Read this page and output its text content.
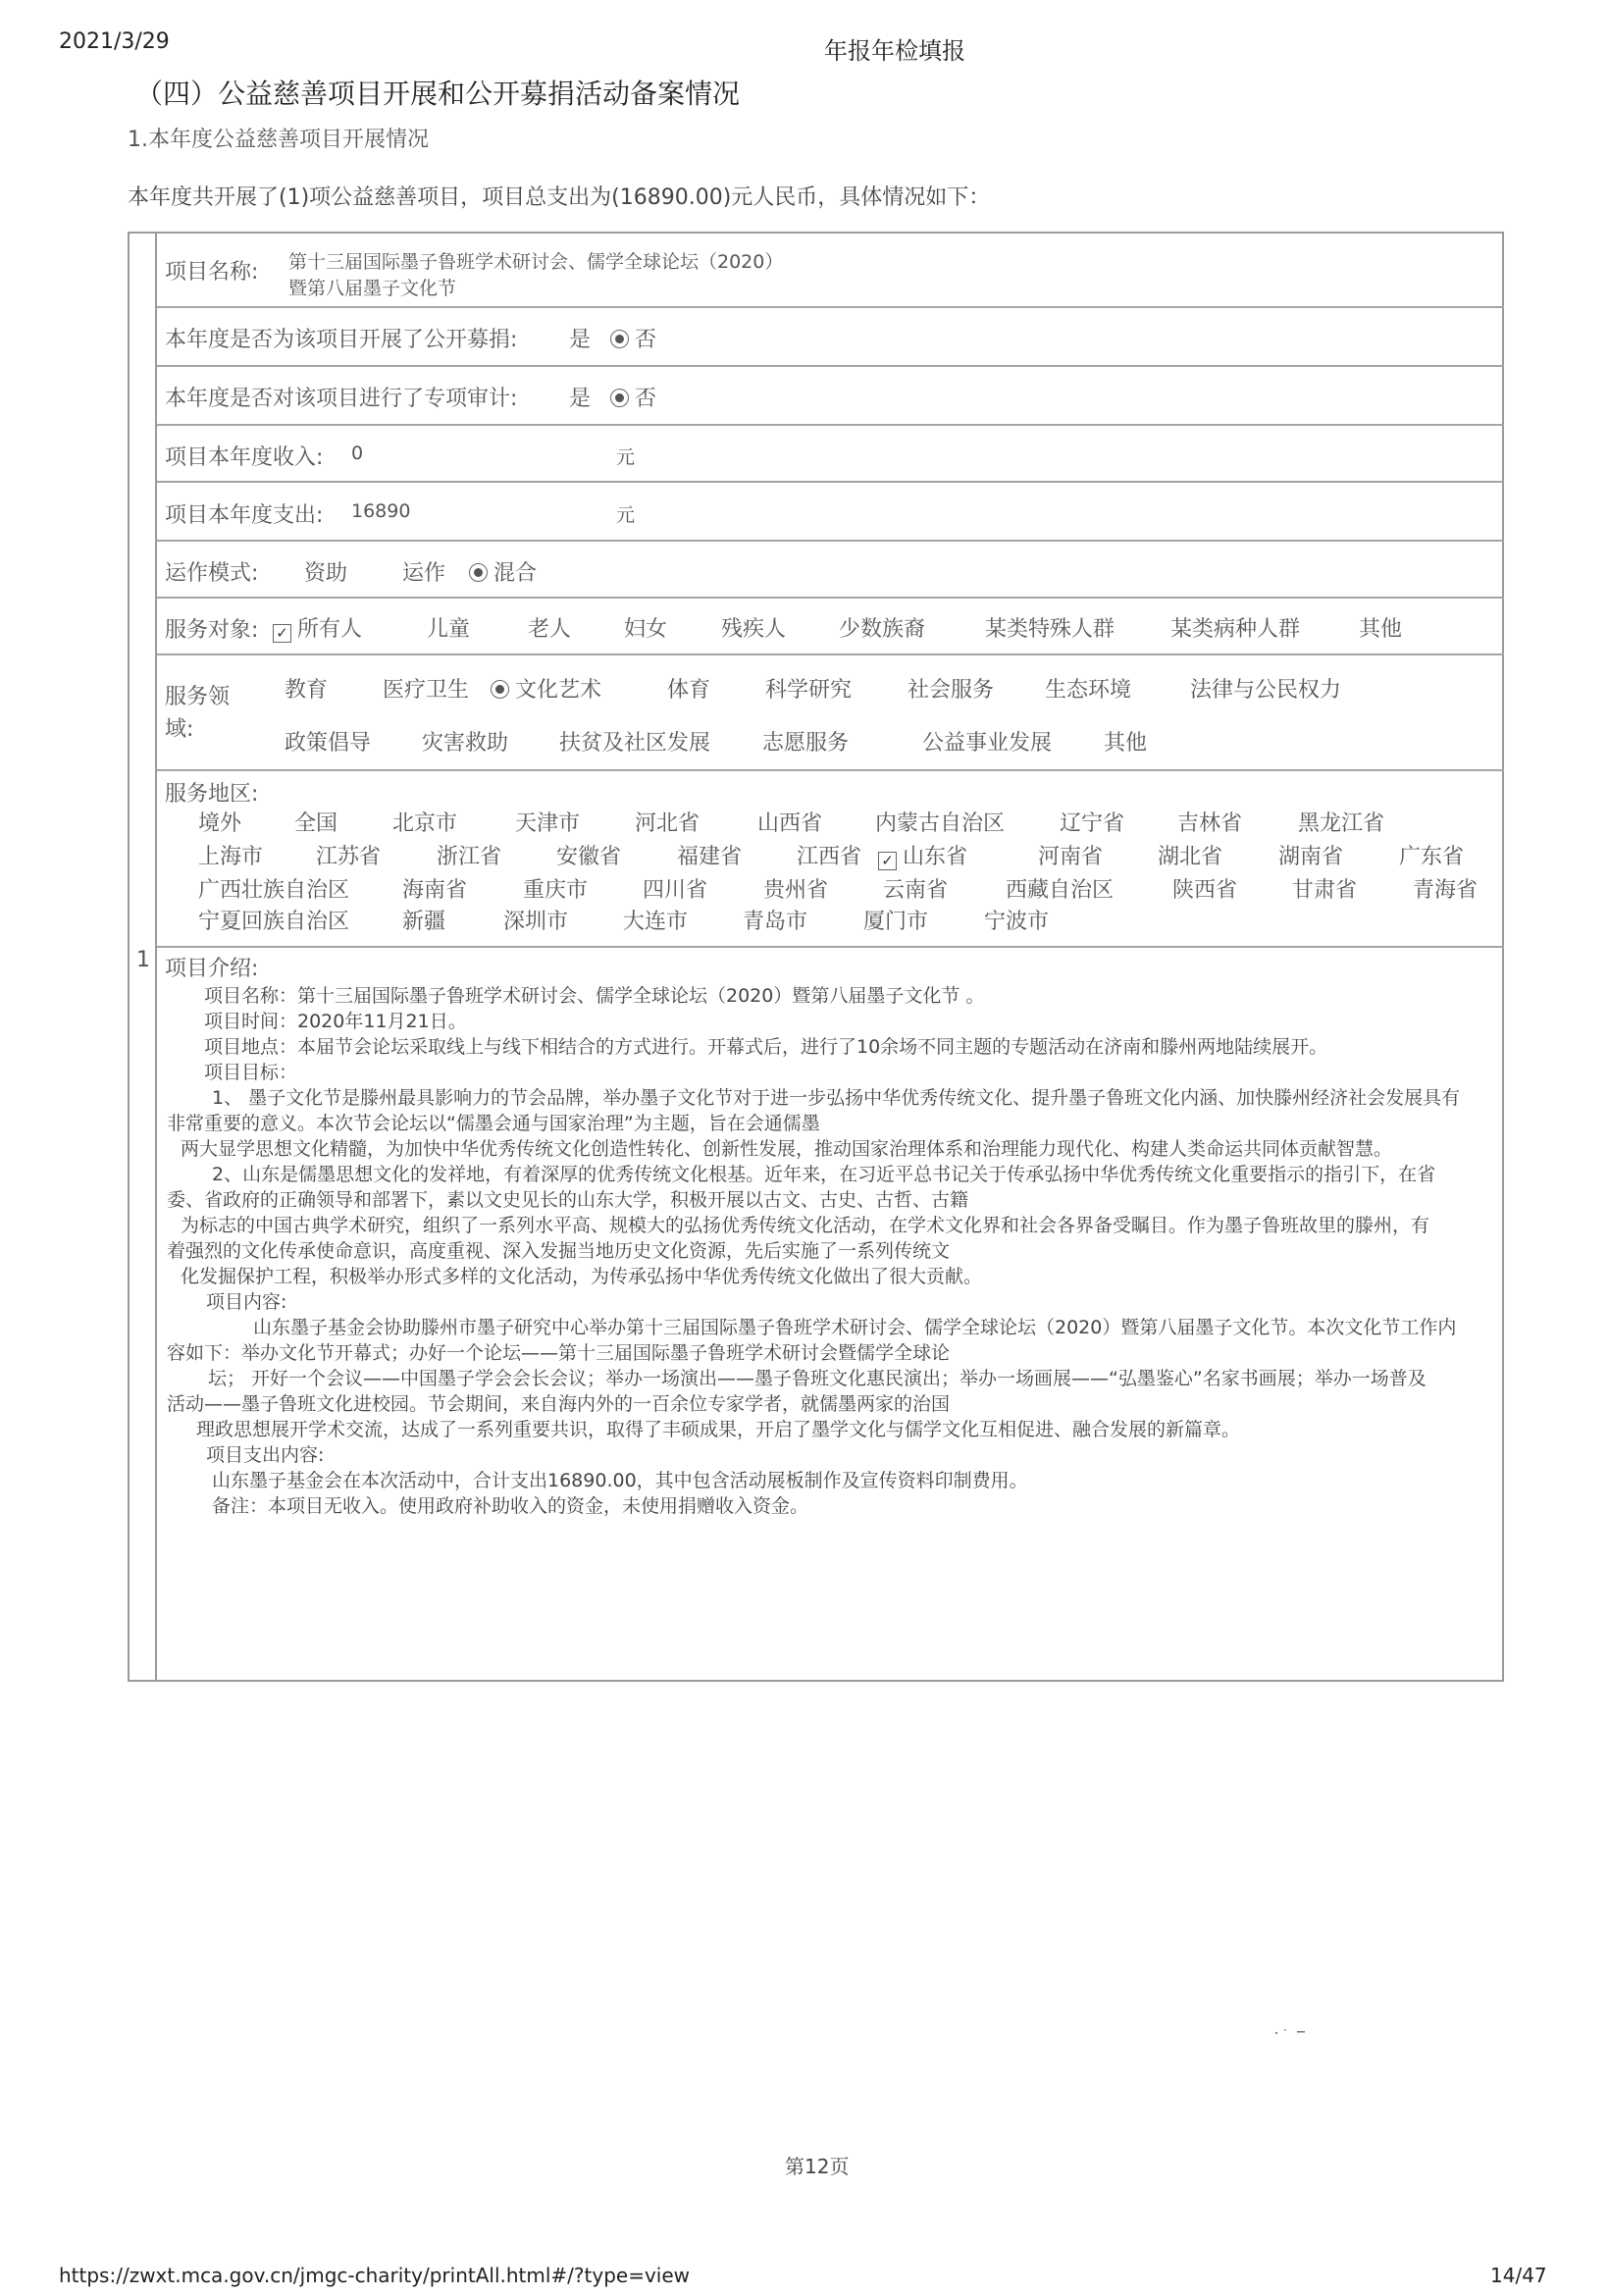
2021/3/29	年报年检填报
（四）公益慈善项目开展和公开募捐活动备案情况
1.本年度公益慈善项目开展情况
本年度共开展了(1)项公益慈善项目，项目总支出为(16890.00)元人民币，具体情况如下：
1
项目名称: 第十三届国际墨子鲁班学术研讨会、儒学全球论坛（2020）
暨第八届墨子文化节
本年度是否为该项目开展了公开募捐: 是	否
本年度是否对该项目进行了专项审计: 是	否
项目本年度收入: 0	元
项目本年度支出: 16890	元
运作模式: 资助	运作	混合
服务对象: ✓ 所有人	儿童	老人 妇女 残疾人 少数族裔	某类特殊人群	某类病种人群	其他
服务领
域:
教育	医疗卫生	文化艺术	体育	科学研究	社会服务 生态环境	法律与公民权力
政策倡导 灾害救助 扶贫及社区发展 志愿服务	公益事业发展 其他
服务地区:
境外 全国	北京市	天津市	河北省	山西省 内蒙古自治区	辽宁省 吉林省	黑龙江省
上海市 江苏省	浙江省	安徽省	福建省	江西省 ✓ 山东省	河南省	湖北省	湖南省	广东省
广西壮族自治区 海南省	重庆市	四川省	贵州省	云南省	西藏自治区	陕西省	甘肃省	青海省
宁夏回族自治区 新疆	深圳市	大连市	青岛市	厦门市	宁波市
项目介绍:

项目名称：第十三届国际墨子鲁班学术研讨会、儒学全球论坛（2020）暨第八届墨子文化节 。

项目时间：2020年11月21日。

项目地点：本届节会论坛采取线上与线下相结合的方式进行。开幕式后，进行了10余场不同主题的专题活动在济南和滕州两地陆续展开。

项目目标：

1、 墨子文化节是滕州最具影响力的节会品牌，举办墨子文化节对于进一步弘扬中华优秀传统文化、提升墨子鲁班文化内涵、加快滕州经济社会发展具有

非常重要的意义。本次节会论坛以“儒墨会通与国家治理”为主题，旨在会通儒墨

两大显学思想文化精髓，为加快中华优秀传统文化创造性转化、创新性发展，推动国家治理体系和治理能力现代化、构建人类命运共同体贡献智慧。

2、山东是儒墨思想文化的发祥地，有着深厚的优秀传统文化根基。近年来，在习近平总书记关于传承弘扬中华优秀传统文化重要指示的指引下，在省

委、省政府的正确领导和部署下，素以文史见长的山东大学，积极开展以古文、古史、古哲、古籍

为标志的中国古典学术研究，组织了一系列水平高、规模大的弘扬优秀传统文化活动，在学术文化界和社会各界备受瞩目。作为墨子鲁班故里的滕州，有

着强烈的文化传承使命意识，高度重视、深入发掘当地历史文化资源，先后实施了一系列传统文

化发掘保护工程，积极举办形式多样的文化活动，为传承弘扬中华优秀传统文化做出了很大贡献。

项目内容:

山东墨子基金会协助滕州市墨子研究中心举办第十三届国际墨子鲁班学术研讨会、儒学全球论坛（2020）暨第八届墨子文化节。本次文化节工作内

容如下：举办文化节开幕式；办好一个论坛——第十三届国际墨子鲁班学术研讨会暨儒学全球论

坛； 开好一个会议——中国墨子学会会长会议；举办一场演出——墨子鲁班文化惠民演出；举办一场画展——“弘墨鉴心”名家书画展；举办一场普及

活动——墨子鲁班文化进校园。节会期间，来自海内外的一百余位专家学者，就儒墨两家的治国

理政思想展开学术交流，达成了一系列重要共识，取得了丰硕成果，开启了墨学文化与儒学文化互相促进、融合发展的新篇章。

项目支出内容:

山东墨子基金会在本次活动中，合计支出16890.00，其中包含活动展板制作及宣传资料印制费用。

备注：本项目无收入。使用政府补助收入的资金，未使用捐赠收入资金。

第12页
https://zwxt.mca.gov.cn/jmgc-charity/printAll.html#/?type=view	14/47
